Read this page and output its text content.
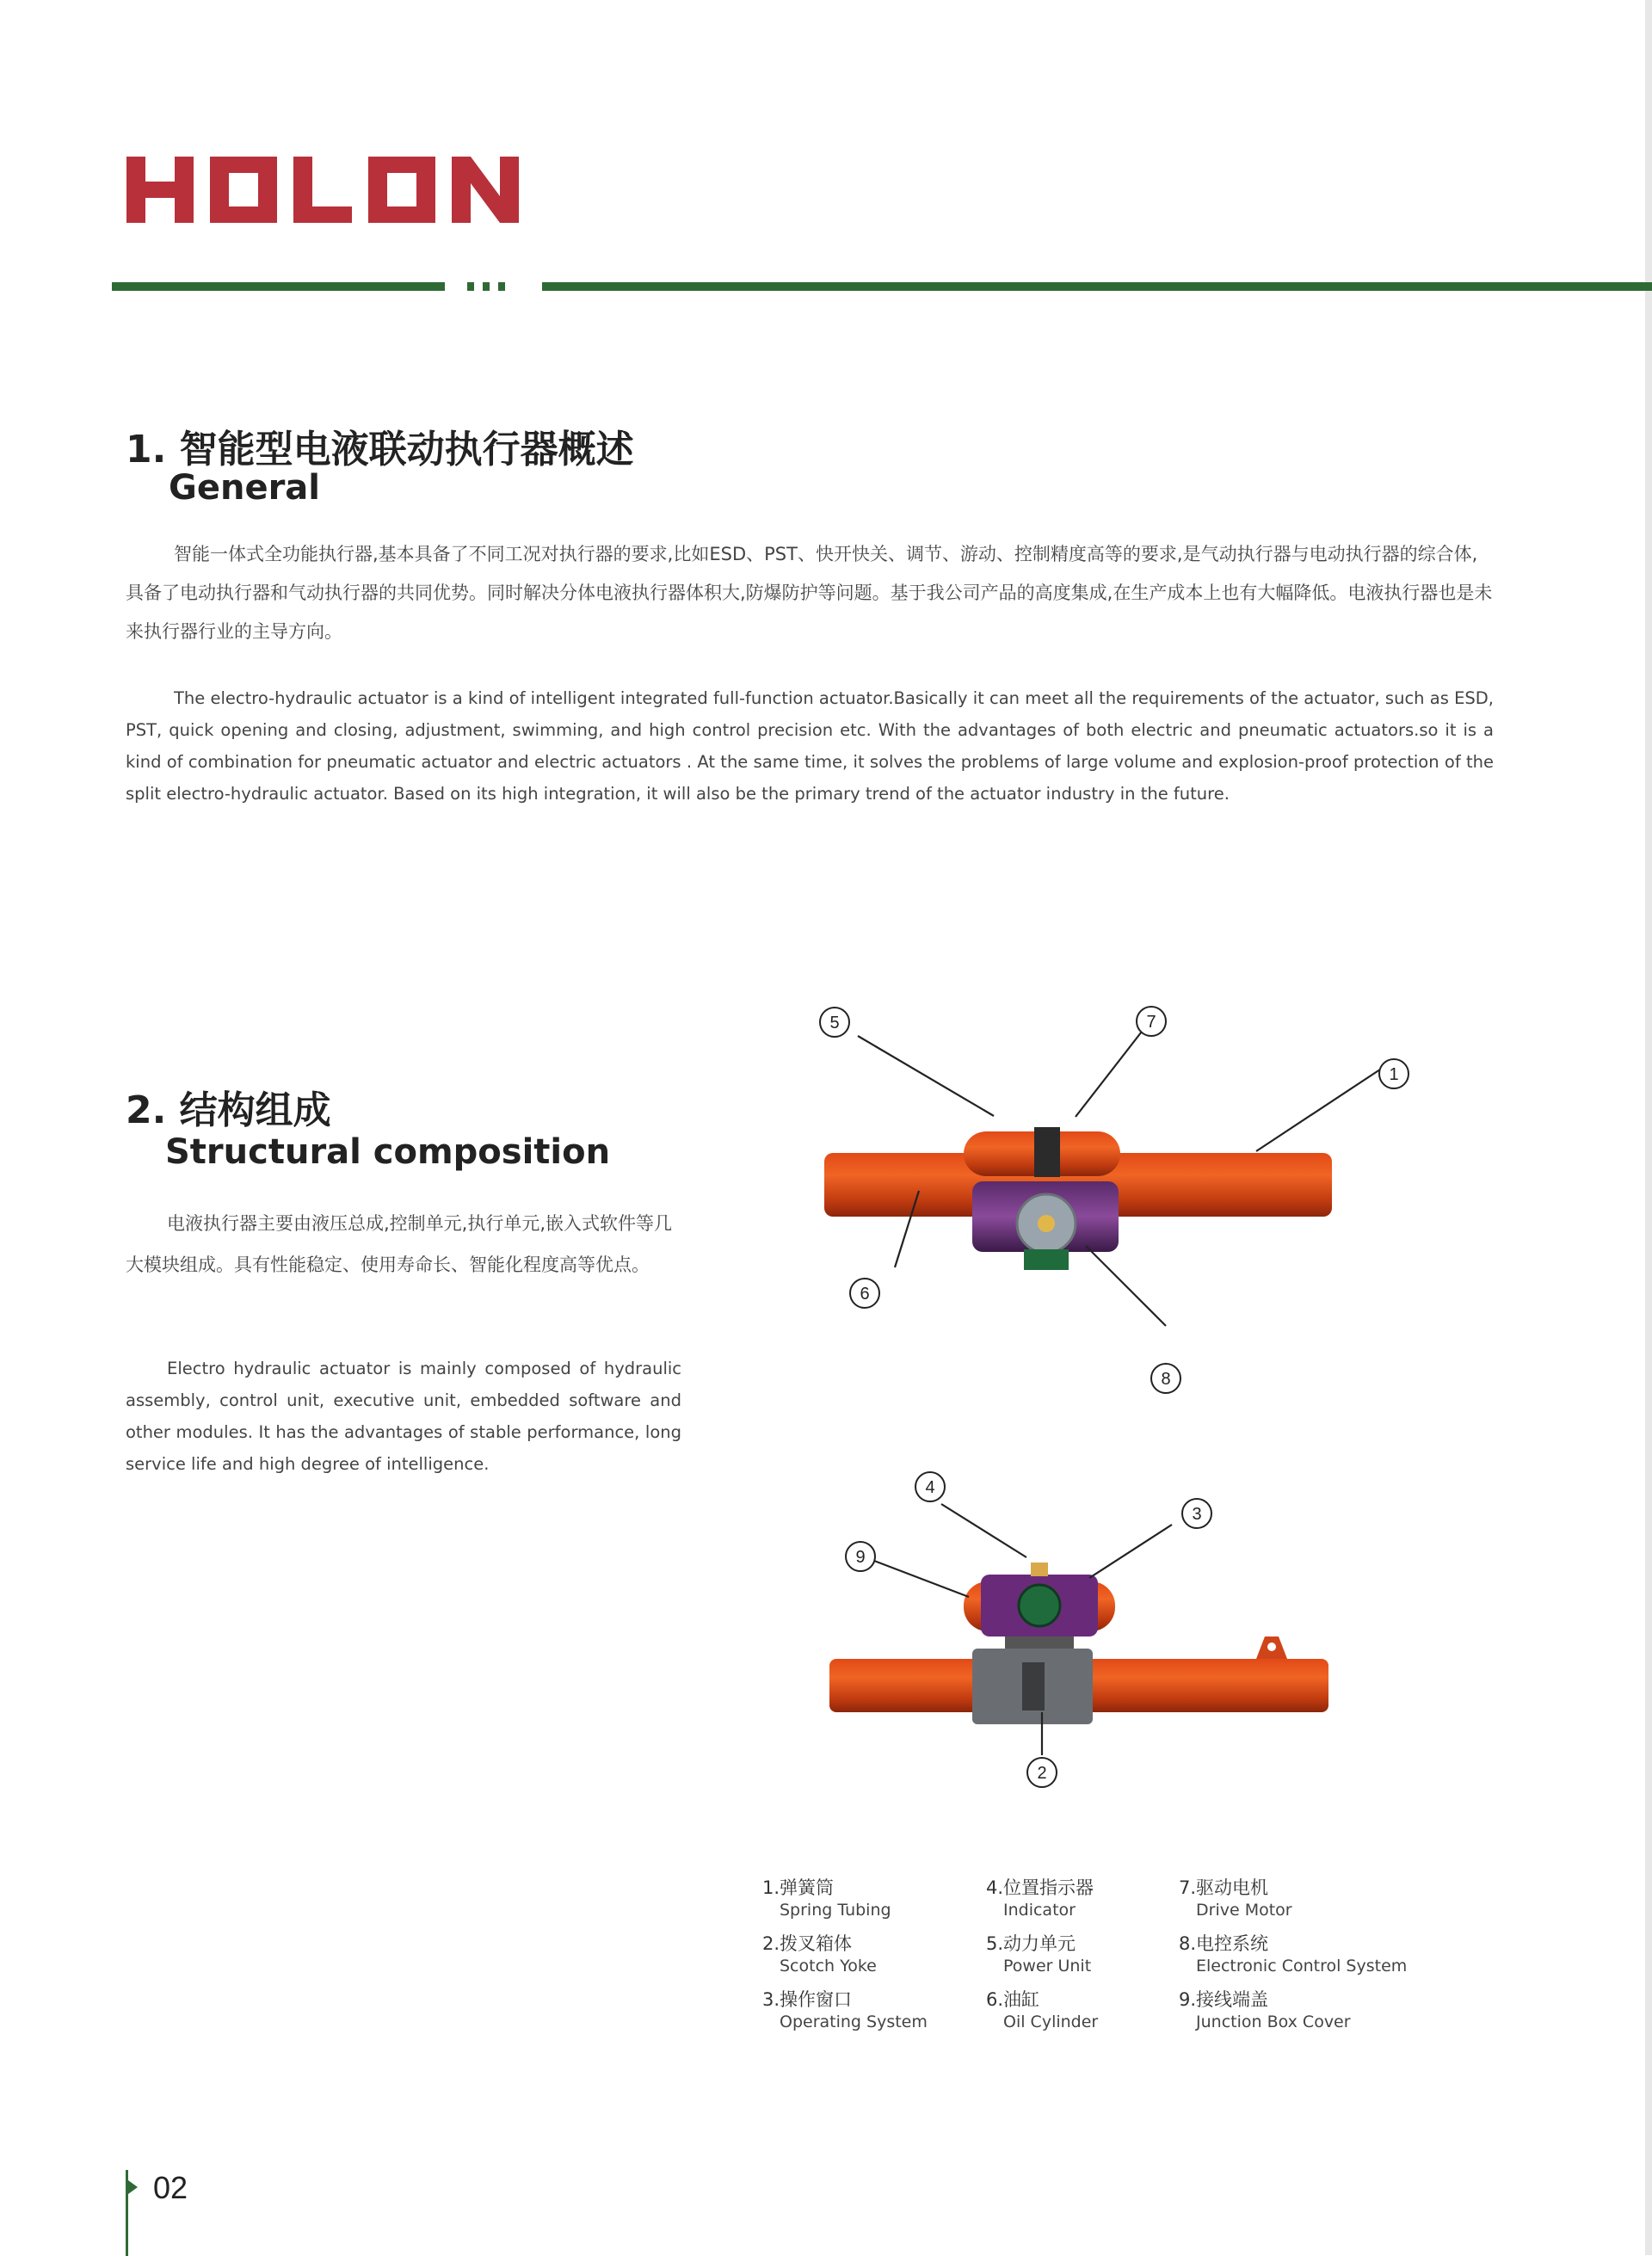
1. 智能型电液联动执行器概述
General

智能一体式全功能执行器,基本具备了不同工况对执行器的要求,比如ESD、PST、快开快关、调节、游动、控制精度高等的要求,是气动执行器与电动执行器的综合体,具备了电动执行器和气动执行器的共同优势。同时解决分体电液执行器体积大,防爆防护等问题。基于我公司产品的高度集成,在生产成本上也有大幅降低。电液执行器也是未来执行器行业的主导方向。

The electro-hydraulic actuator is a kind of intelligent integrated full-function actuator.Basically it can meet all the requirements of the actuator, such as ESD, PST, quick opening and closing, adjustment, swimming, and high control precision etc. With the advantages of both electric and pneumatic actuators.so it is a kind of combination for pneumatic actuator and electric actuators . At the same time, it solves the problems of large volume and explosion-proof protection of the split electro-hydraulic actuator. Based on its high integration, it will also be the primary trend of the actuator industry in the future.

2. 结构组成
Structural composition

电液执行器主要由液压总成,控制单元,执行单元,嵌入式软件等几大模块组成。具有性能稳定、使用寿命长、智能化程度高等优点。

Electro hydraulic actuator is mainly composed of hydraulic assembly, control unit, executive unit, embedded software and other modules. It has the advantages of stable performance, long service life and high degree of intelligence.

5	7
1
6
8
4
3
9
2
1.弹簧筒
Spring Tubing
2.拨叉箱体
Scotch Yoke
3.操作窗口
Operating System
4.位置指示器
Indicator
5.动力单元
Power Unit
6.油缸
Oil Cylinder
7.驱动电机
Drive Motor
8.电控系统
Electronic Control System
9.接线端盖
Junction Box Cover
02
